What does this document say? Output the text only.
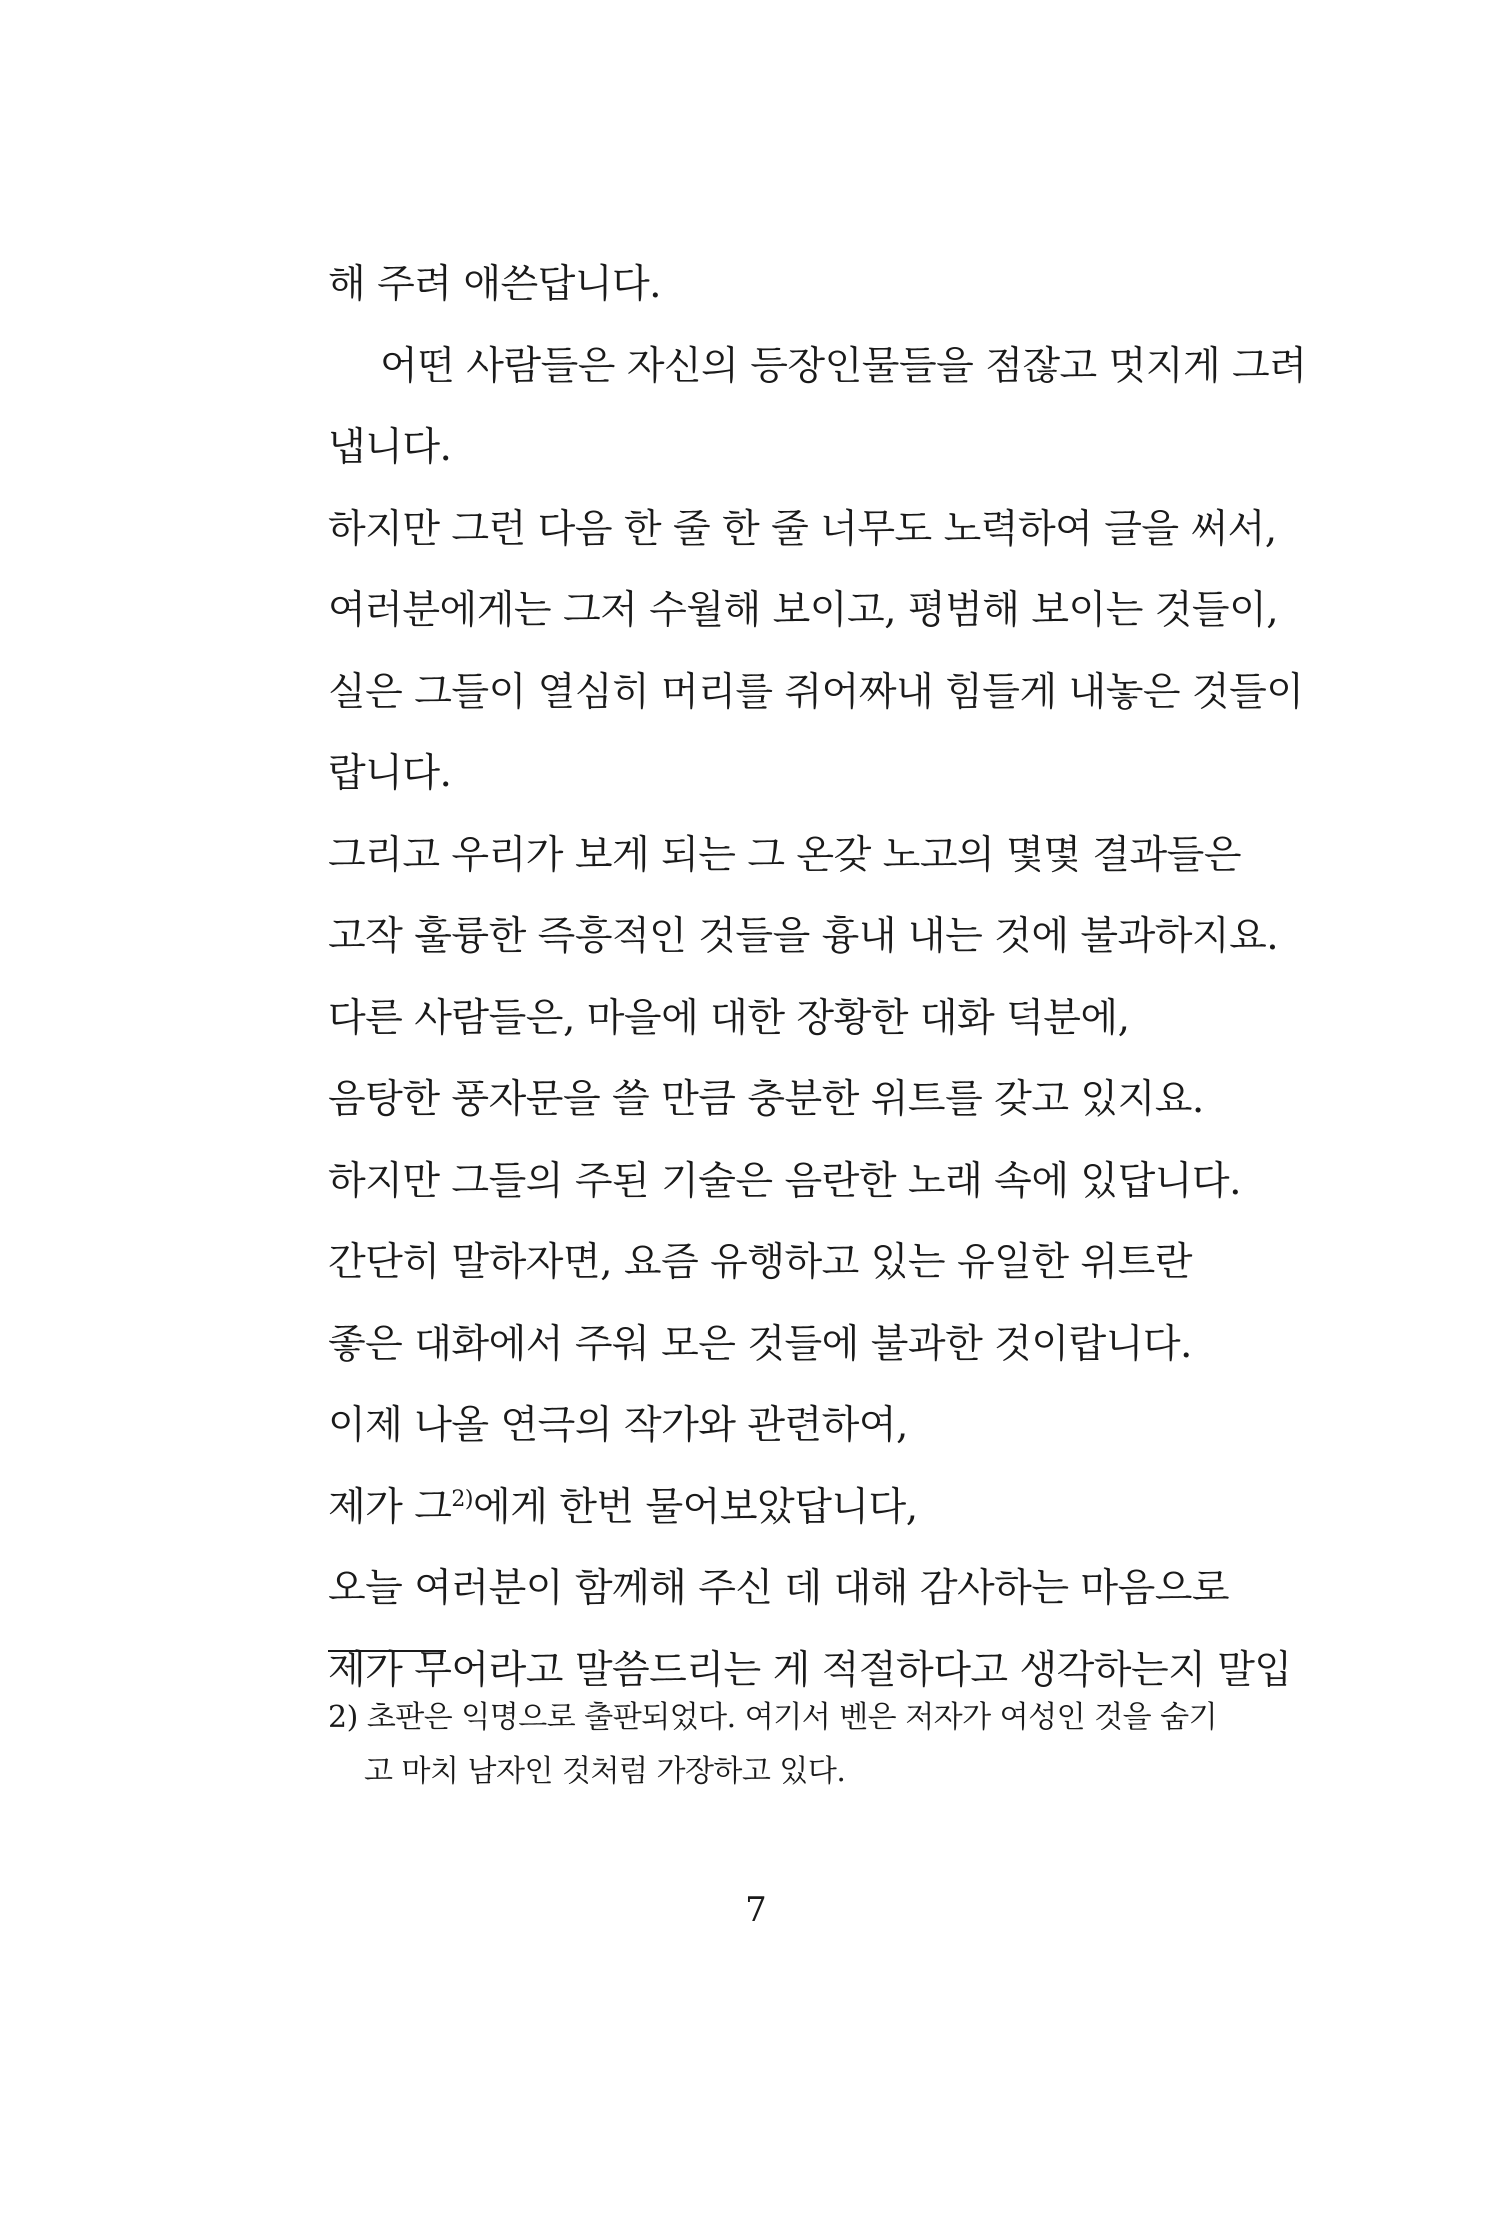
해 주려 애쓴답니다.
어떤 사람들은 자신의 등장인물들을 점잖고 멋지게 그려
냅니다.
하지만 그런 다음 한 줄 한 줄 너무도 노력하여 글을 써서,
여러분에게는 그저 수월해 보이고, 평범해 보이는 것들이,
실은 그들이 열심히 머리를 쥐어짜내 힘들게 내놓은 것들이
랍니다.
그리고 우리가 보게 되는 그 온갖 노고의 몇몇 결과들은
고작 훌륭한 즉흥적인 것들을 흉내 내는 것에 불과하지요.
다른 사람들은, 마을에 대한 장황한 대화 덕분에,
음탕한 풍자문을 쓸 만큼 충분한 위트를 갖고 있지요.
하지만 그들의 주된 기술은 음란한 노래 속에 있답니다.
간단히 말하자면, 요즘 유행하고 있는 유일한 위트란
좋은 대화에서 주워 모은 것들에 불과한 것이랍니다.
이제 나올 연극의 작가와 관련하여,
제가 그$^{2)}$에게 한번 물어보았답니다,
오늘 여러분이 함께해 주신 데 대해 감사하는 마음으로
제가 무어라고 말씀드리는 게 적절하다고 생각하는지 말입
2) 초판은 익명으로 출판되었다. 여기서 벤은 저자가 여성인 것을 숨기
고 마치 남자인 것처럼 가장하고 있다.
7
